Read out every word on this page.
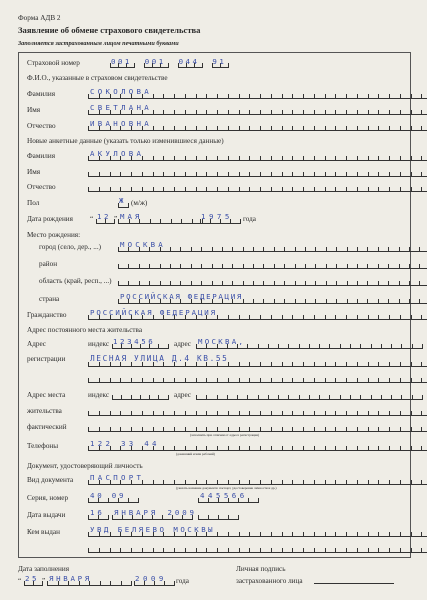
Форма АДВ 2
Заявление об обмене страхового свидетельства
Заполняется застрахованным лицом печатными буквами
Страховой номер	001 001 044 91
Ф.И.О., указанные в страховом свидетельстве
Фамилия	СОКОЛОВА
Имя	СВЕТЛАНА
Отчество	ИВАНОВНА
Новые анкетные данные (указать только изменившиеся данные)
Фамилия	АКУЛОВА
Имя
Отчество
Пол	Ж (м/ж)
Дата рождения “ 12 ” МАЯ	1975 года
Место рождения:
город (село, дер., ...)	МОСКВА
район
область (край, респ., ...)
страна	РОССИЙСКАЯ ФЕДЕРАЦИЯ
Гражданство	РОССИЙСКАЯ ФЕДЕРАЦИЯ
Адрес постоянного места жительства
Адрес	индекс 123456	адрес МОСКВА,
регистрации	ЛЕСНАЯ УЛИЦА Д.4 КВ.55
Адрес места	индекс	адрес
жительства
фактический
(заполнить при отличии от адреса регистрации)
Телефоны	122 33 44
(домашний и/или рабочий)
Документ, удостоверяющий личность
Вид документа ПАСПОРТ
(указать название документа: паспорт, удостоверение личности и др.)
Серия, номер	40 09	445566
Дата выдачи	16 ЯНВАРЯ 2009
Кем выдан	УВД БЕЛЯЕВО МОСКВЫ
Дата заполнения
“ 25 ” ЯНВАРЯ	2009 года
Личная подпись
застрахованного лица
